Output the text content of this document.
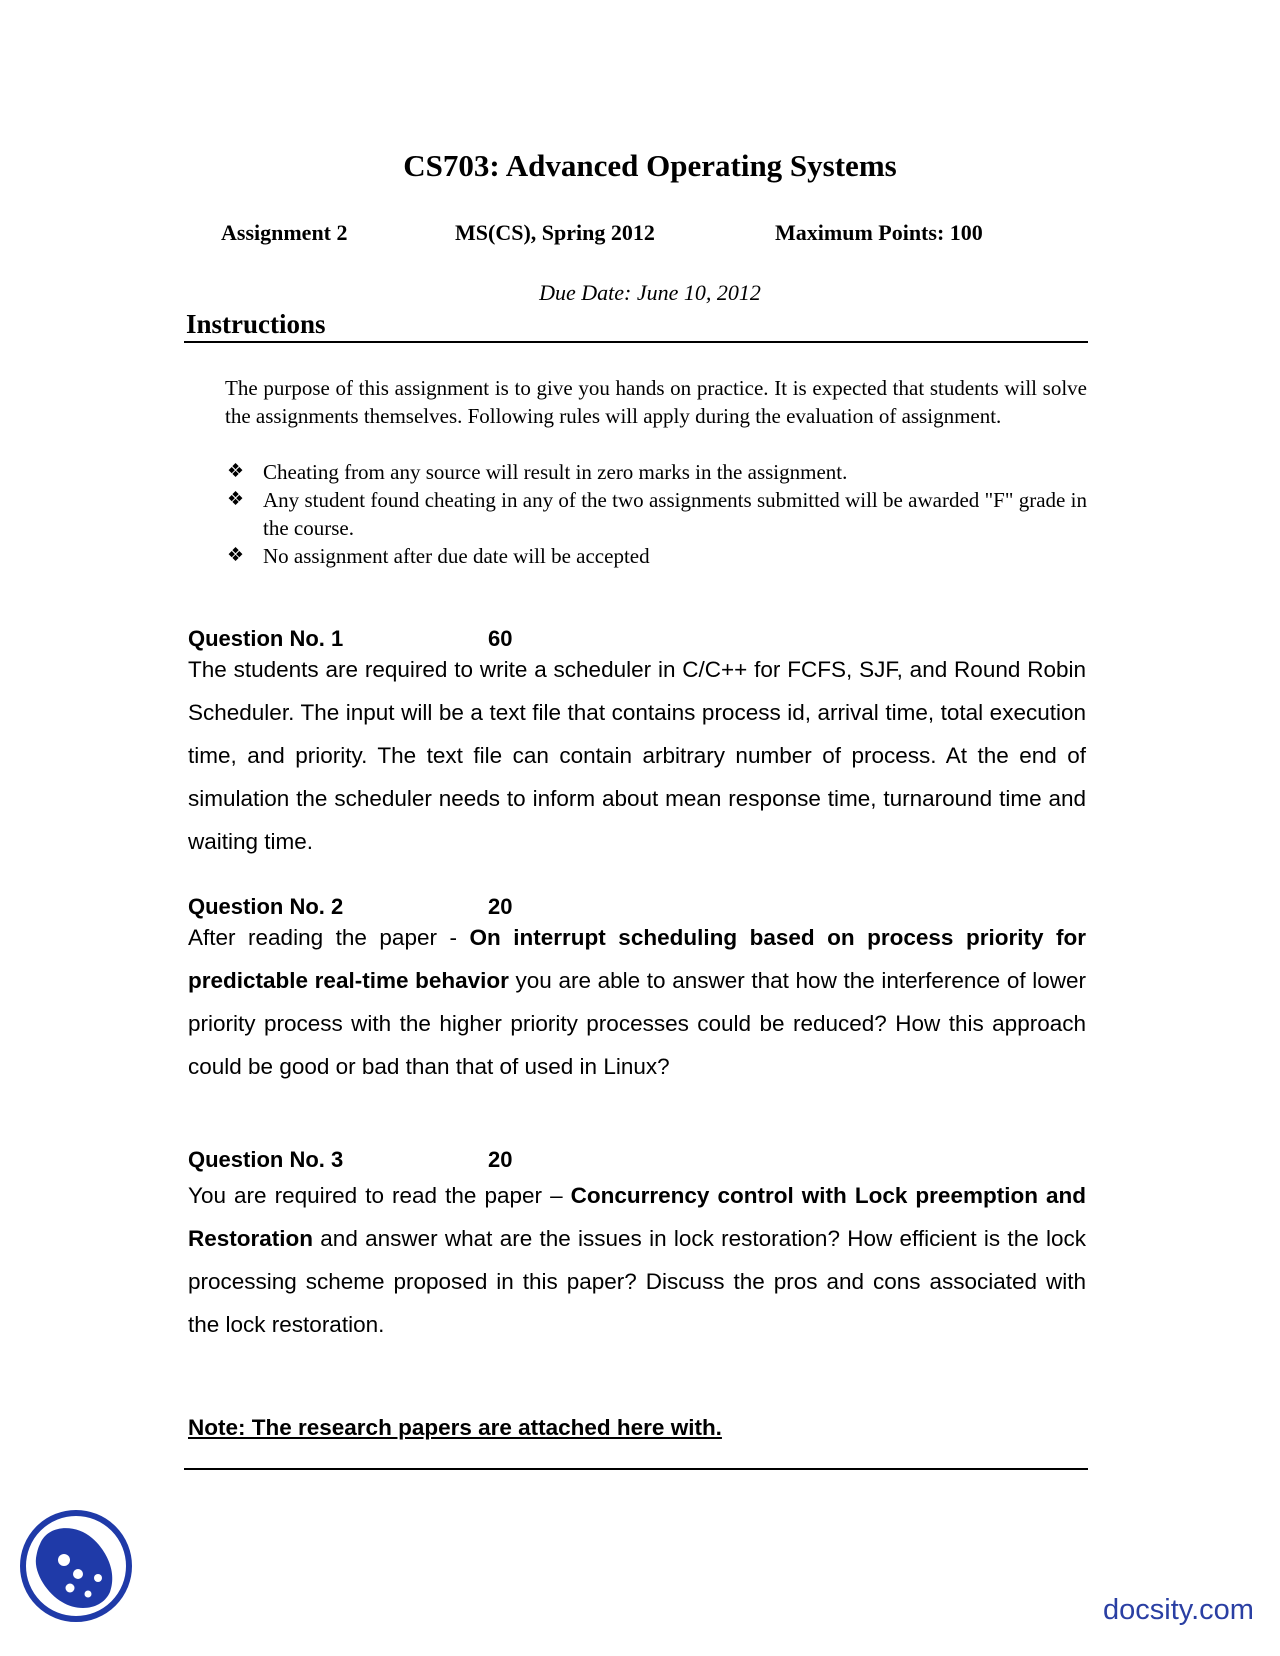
CS703: Advanced Operating Systems
Assignment 2	MS(CS), Spring 2012	Maximum Points: 100
Due Date: June 10, 2012
Instructions
The purpose of this assignment is to give you hands on practice. It is expected that students will solve the assignments themselves. Following rules will apply during the evaluation of assignment.
❖ Cheating from any source will result in zero marks in the assignment.
❖ Any student found cheating in any of the two assignments submitted will be awarded "F" grade in the course.
❖ No assignment after due date will be accepted
Question No. 1	60
The students are required to write a scheduler in C/C++ for FCFS, SJF, and Round Robin Scheduler. The input will be a text file that contains process id, arrival time, total execution time, and priority. The text file can contain arbitrary number of process. At the end of simulation the scheduler needs to inform about mean response time, turnaround time and waiting time.
Question No. 2	20
After reading the paper - On interrupt scheduling based on process priority for predictable real-time behavior you are able to answer that how the interference of lower priority process with the higher priority processes could be reduced? How this approach could be good or bad than that of used in Linux?
Question No. 3	20
You are required to read the paper – Concurrency control with Lock preemption and Restoration and answer what are the issues in lock restoration? How efficient is the lock processing scheme proposed in this paper? Discuss the pros and cons associated with the lock restoration.
Note: The research papers are attached here with.
docsity.com
